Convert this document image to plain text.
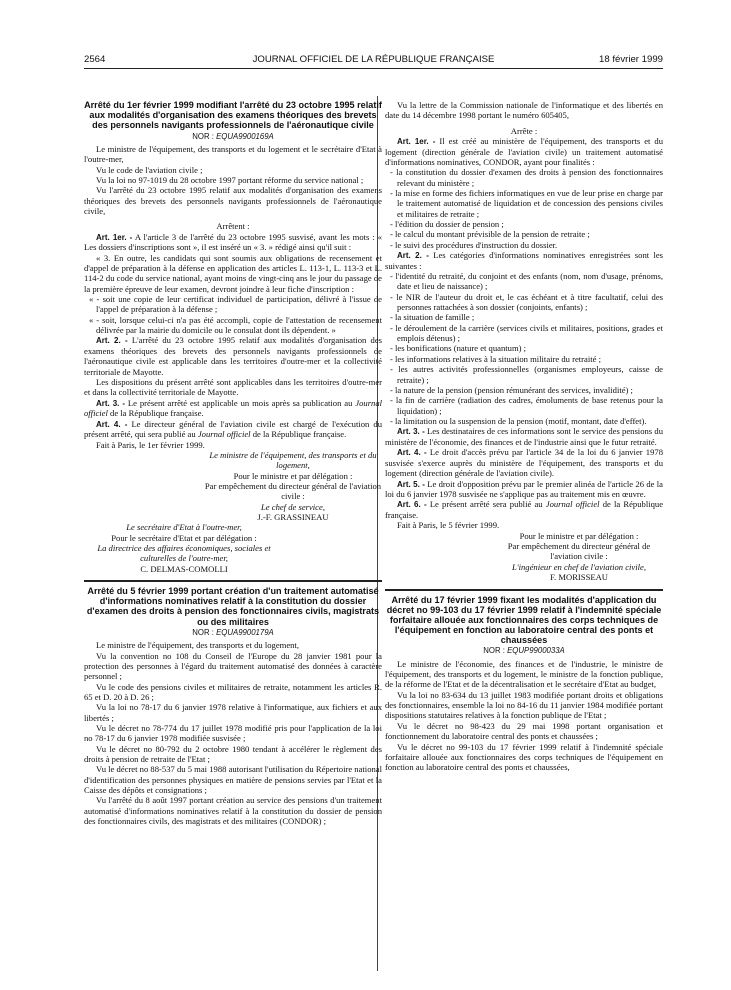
2564	JOURNAL OFFICIEL DE LA RÉPUBLIQUE FRANÇAISE	18 février 1999

Arrêté du 1er février 1999 modifiant l'arrêté du 23 octobre 1995 relatif aux modalités d'organisation des examens théoriques des brevets des personnels navigants professionnels de l'aéronautique civile

NOR : EQUA9900169A

Le ministre de l'équipement, des transports et du logement et le secrétaire d'Etat à l'outre-mer,

Vu le code de l'aviation civile ;

Vu la loi no 97-1019 du 28 octobre 1997 portant réforme du service national ;

Vu l'arrêté du 23 octobre 1995 relatif aux modalités d'organisation des examens théoriques des brevets des personnels navigants professionnels de l'aéronautique civile,

Arrêtent :

Art. 1er. - A l'article 3 de l'arrêté du 23 octobre 1995 susvisé, avant les mots : « Les dossiers d'inscriptions sont », il est inséré un « 3. » rédigé ainsi qu'il suit :

« 3. En outre, les candidats qui sont soumis aux obligations de recensement et d'appel de préparation à la défense en application des articles L. 113-1, L. 113-3 et L. 114-2 du code du service national, ayant moins de vingt-cinq ans le jour du passage de la première épreuve de leur examen, devront joindre à leur fiche d'inscription :

« - soit une copie de leur certificat individuel de participation, délivré à l'issue de l'appel de préparation à la défense ;

« - soit, lorsque celui-ci n'a pas été accompli, copie de l'attestation de recensement délivrée par la mairie du domicile ou le consulat dont ils dépendent. »

Art. 2. - L'arrêté du 23 octobre 1995 relatif aux modalités d'organisation des examens théoriques des brevets des personnels navigants professionnels de l'aéronautique civile est applicable dans les territoires d'outre-mer et la collectivité territoriale de Mayotte.

Les dispositions du présent arrêté sont applicables dans les territoires d'outre-mer et dans la collectivité territoriale de Mayotte.

Art. 3. - Le présent arrêté est applicable un mois après sa publication au Journal officiel de la République française.

Art. 4. - Le directeur général de l'aviation civile est chargé de l'exécution du présent arrêté, qui sera publié au Journal officiel de la République française.

Fait à Paris, le 1er février 1999.

Le ministre de l'équipement, des transports et du logement,

Pour le ministre et par délégation :

Par empêchement du directeur général de l'aviation civile :

Le chef de service,

J.-F. GRASSINEAU

Le secrétaire d'Etat à l'outre-mer,

Pour le secrétaire d'Etat et par délégation :

La directrice des affaires économiques, sociales et culturelles de l'outre-mer,

C. DELMAS-COMOLLI

Arrêté du 5 février 1999 portant création d'un traitement automatisé d'informations nominatives relatif à la constitution du dossier d'examen des droits à pension des fonctionnaires civils, magistrats ou des militaires

NOR : EQUA9900179A

Le ministre de l'équipement, des transports et du logement,

Vu la convention no 108 du Conseil de l'Europe du 28 janvier 1981 pour la protection des personnes à l'égard du traitement automatisé des données à caractère personnel ;

Vu le code des pensions civiles et militaires de retraite, notamment les articles R. 65 et D. 20 à D. 26 ;

Vu la loi no 78-17 du 6 janvier 1978 relative à l'informatique, aux fichiers et aux libertés ;

Vu le décret no 78-774 du 17 juillet 1978 modifié pris pour l'application de la loi no 78-17 du 6 janvier 1978 modifiée susvisée ;

Vu le décret no 80-792 du 2 octobre 1980 tendant à accélérer le règlement des droits à pension de retraite de l'Etat ;

Vu le décret no 88-537 du 5 mai 1988 autorisant l'utilisation du Répertoire national d'identification des personnes physiques en matière de pensions servies par l'Etat et la Caisse des dépôts et consignations ;

Vu l'arrêté du 8 août 1997 portant création au service des pensions d'un traitement automatisé d'informations nominatives relatif à la constitution du dossier de pension des fonctionnaires civils, des magistrats et des militaires (CONDOR) ;

Vu la lettre de la Commission nationale de l'informatique et des libertés en date du 14 décembre 1998 portant le numéro 605405,

Arrête :

Art. 1er. - Il est créé au ministère de l'équipement, des transports et du logement (direction générale de l'aviation civile) un traitement automatisé d'informations nominatives, CONDOR, ayant pour finalités :

- la constitution du dossier d'examen des droits à pension des fonctionnaires relevant du ministère ;

- la mise en forme des fichiers informatiques en vue de leur prise en charge par le traitement automatisé de liquidation et de concession des pensions civiles et militaires de retraite ;

- l'édition du dossier de pension ;

- le calcul du montant prévisible de la pension de retraite ;

- le suivi des procédures d'instruction du dossier.

Art. 2. - Les catégories d'informations nominatives enregistrées sont les suivantes :

- l'identité du retraité, du conjoint et des enfants (nom, nom d'usage, prénoms, date et lieu de naissance) ;

- le NIR de l'auteur du droit et, le cas échéant et à titre facultatif, celui des personnes rattachées à son dossier (conjoints, enfants) ;

- la situation de famille ;

- le déroulement de la carrière (services civils et militaires, positions, grades et emplois détenus) ;

- les bonifications (nature et quantum) ;

- les informations relatives à la situation militaire du retraité ;

- les autres activités professionnelles (organismes employeurs, caisse de retraite) ;

- la nature de la pension (pension rémunérant des services, invalidité) ;

- la fin de carrière (radiation des cadres, émoluments de base retenus pour la liquidation) ;

- la limitation ou la suspension de la pension (motif, montant, date d'effet).

Art. 3. - Les destinataires de ces informations sont le service des pensions du ministère de l'économie, des finances et de l'industrie ainsi que le futur retraité.

Art. 4. - Le droit d'accès prévu par l'article 34 de la loi du 6 janvier 1978 susvisée s'exerce auprès du ministère de l'équipement, des transports et du logement (direction générale de l'aviation civile).

Art. 5. - Le droit d'opposition prévu par le premier alinéa de l'article 26 de la loi du 6 janvier 1978 susvisée ne s'applique pas au traitement mis en œuvre.

Art. 6. - Le présent arrêté sera publié au Journal officiel de la République française.

Fait à Paris, le 5 février 1999.

Pour le ministre et par délégation :

Par empêchement du directeur général de l'aviation civile :

L'ingénieur en chef de l'aviation civile,

F. MORISSEAU

Arrêté du 17 février 1999 fixant les modalités d'application du décret no 99-103 du 17 février 1999 relatif à l'indemnité spéciale forfaitaire allouée aux fonctionnaires des corps techniques de l'équipement en fonction au laboratoire central des ponts et chaussées

NOR : EQUP9900033A

Le ministre de l'économie, des finances et de l'industrie, le ministre de l'équipement, des transports et du logement, le ministre de la fonction publique, de la réforme de l'Etat et de la décentralisation et le secrétaire d'Etat au budget,

Vu la loi no 83-634 du 13 juillet 1983 modifiée portant droits et obligations des fonctionnaires, ensemble la loi no 84-16 du 11 janvier 1984 modifiée portant dispositions statutaires relatives à la fonction publique de l'Etat ;

Vu le décret no 98-423 du 29 mai 1998 portant organisation et fonctionnement du laboratoire central des ponts et chaussées ;

Vu le décret no 99-103 du 17 février 1999 relatif à l'indemnité spéciale forfaitaire allouée aux fonctionnaires des corps techniques de l'équipement en fonction au laboratoire central des ponts et chaussées,
